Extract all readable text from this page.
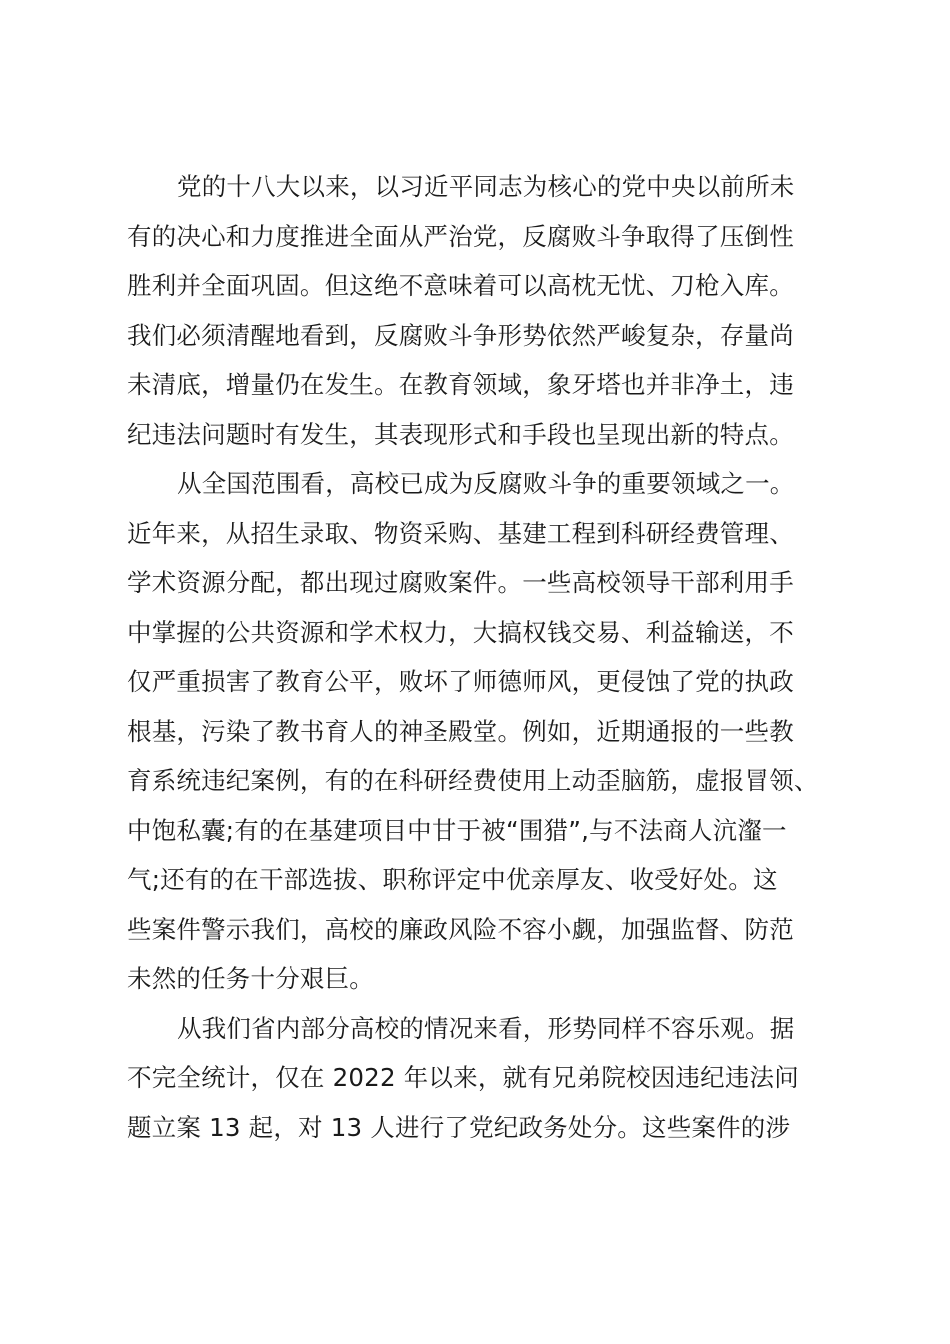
党的十八大以来，以习近平同志为核心的党中央以前所未
有的决心和力度推进全面从严治党，反腐败斗争取得了压倒性
胜利并全面巩固。但这绝不意味着可以高枕无忧、刀枪入库。
我们必须清醒地看到，反腐败斗争形势依然严峻复杂，存量尚
未清底，增量仍在发生。在教育领域，象牙塔也并非净土，违
纪违法问题时有发生，其表现形式和手段也呈现出新的特点。
从全国范围看，高校已成为反腐败斗争的重要领域之一。
近年来，从招生录取、物资采购、基建工程到科研经费管理、
学术资源分配，都出现过腐败案件。一些高校领导干部利用手
中掌握的公共资源和学术权力，大搞权钱交易、利益输送，不
仅严重损害了教育公平，败坏了师德师风，更侵蚀了党的执政
根基，污染了教书育人的神圣殿堂。例如，近期通报的一些教
育系统违纪案例，有的在科研经费使用上动歪脑筋，虚报冒领、
中饱私囊;有的在基建项目中甘于被“围猎”,与不法商人沆瀣一
气;还有的在干部选拔、职称评定中优亲厚友、收受好处。这
些案件警示我们，高校的廉政风险不容小觑，加强监督、防范
未然的任务十分艰巨。
从我们省内部分高校的情况来看，形势同样不容乐观。据
不完全统计，仅在 2022 年以来，就有兄弟院校因违纪违法问
题立案 13 起，对 13 人进行了党纪政务处分。这些案件的涉
